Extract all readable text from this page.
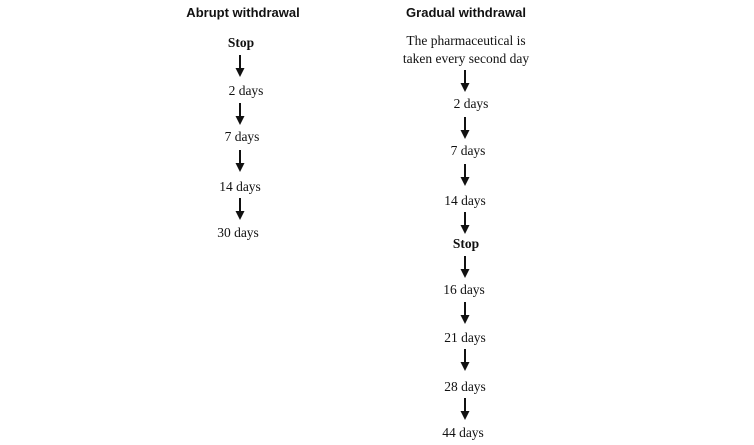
Abrupt withdrawal
Stop
2 days
7 days
14 days
30 days
Gradual withdrawal
The pharmaceutical is
taken every second day
2 days
7 days
14 days
Stop
16 days
21 days
28 days
44 days
